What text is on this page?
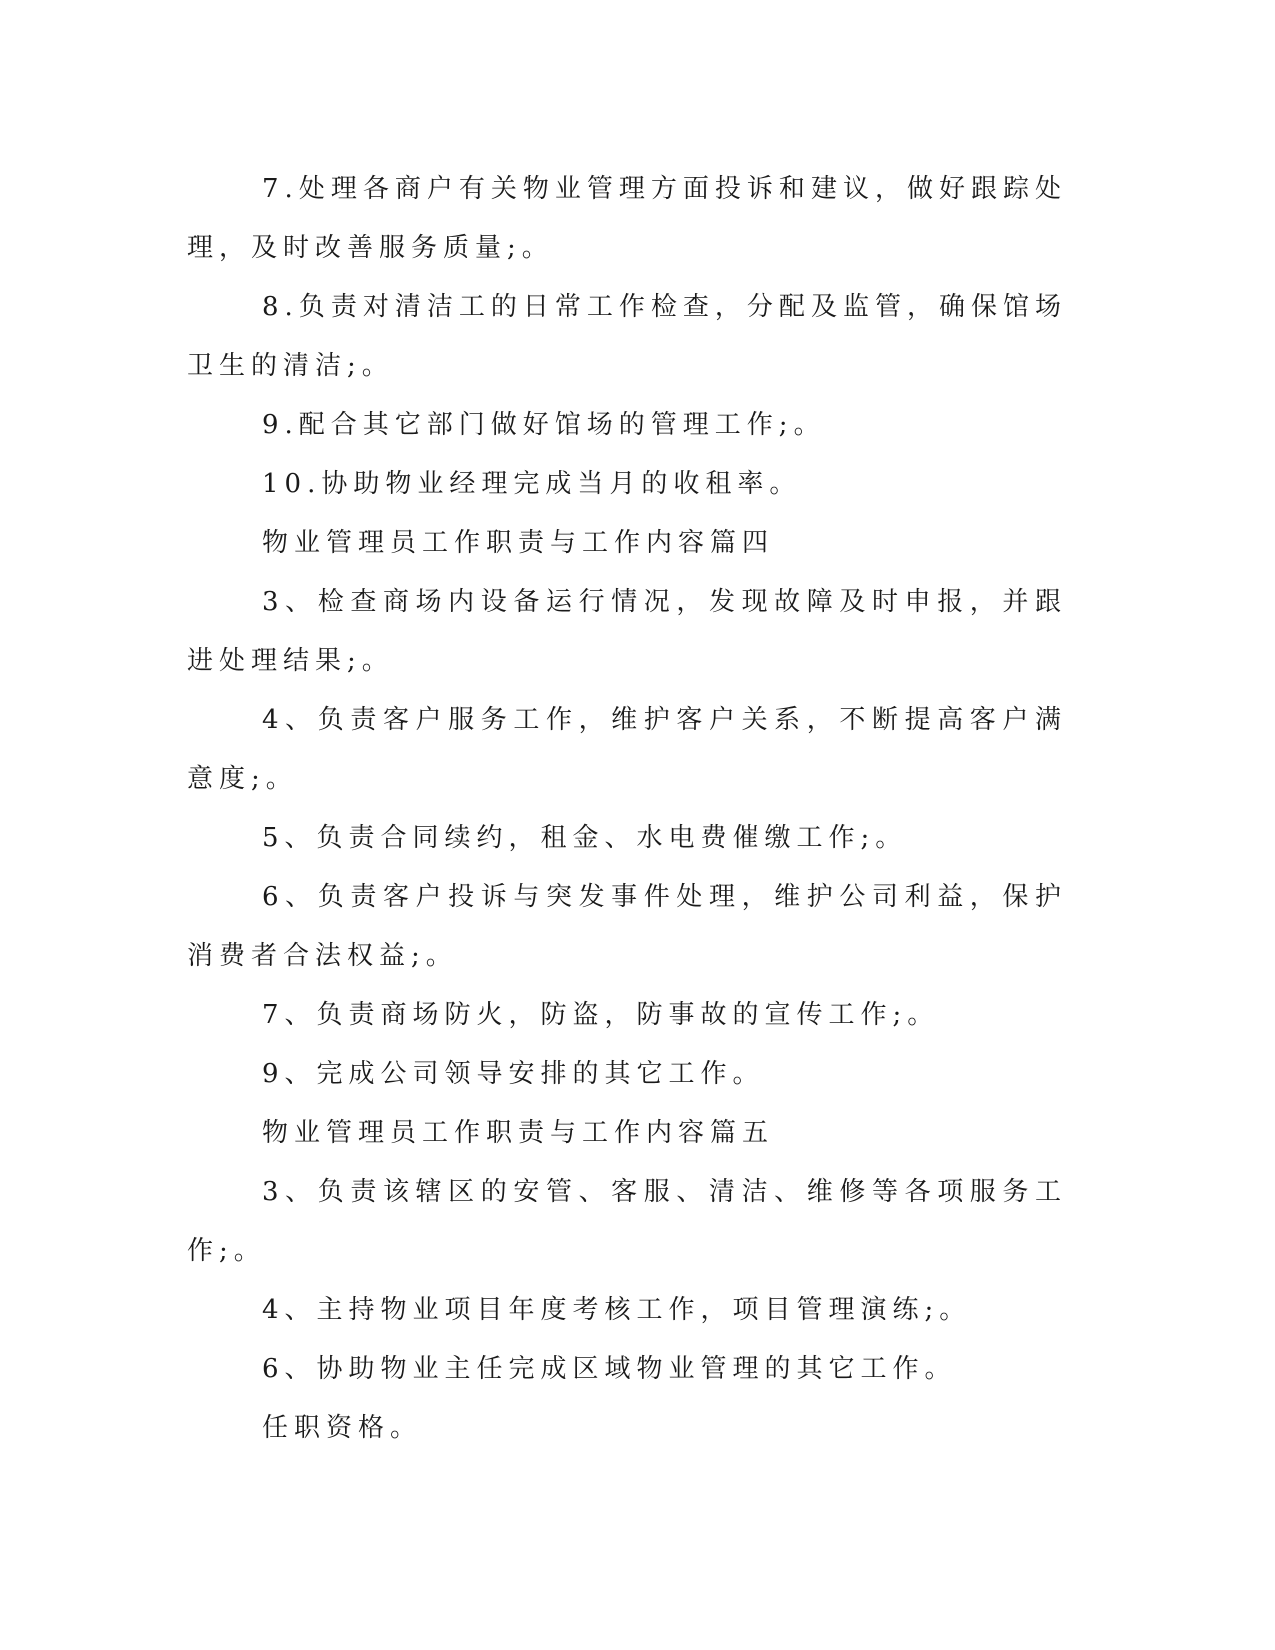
7.处理各商户有关物业管理方面投诉和建议，做好跟踪处理，及时改善服务质量;。

8.负责对清洁工的日常工作检查，分配及监管，确保馆场卫生的清洁;。

9.配合其它部门做好馆场的管理工作;。

10.协助物业经理完成当月的收租率。

物业管理员工作职责与工作内容篇四

3、检查商场内设备运行情况，发现故障及时申报，并跟进处理结果;。

4、负责客户服务工作，维护客户关系，不断提高客户满意度;。

5、负责合同续约，租金、水电费催缴工作;。

6、负责客户投诉与突发事件处理，维护公司利益，保护消费者合法权益;。

7、负责商场防火，防盗，防事故的宣传工作;。

9、完成公司领导安排的其它工作。

物业管理员工作职责与工作内容篇五

3、负责该辖区的安管、客服、清洁、维修等各项服务工作;。

4、主持物业项目年度考核工作，项目管理演练;。

6、协助物业主任完成区域物业管理的其它工作。

任职资格。
